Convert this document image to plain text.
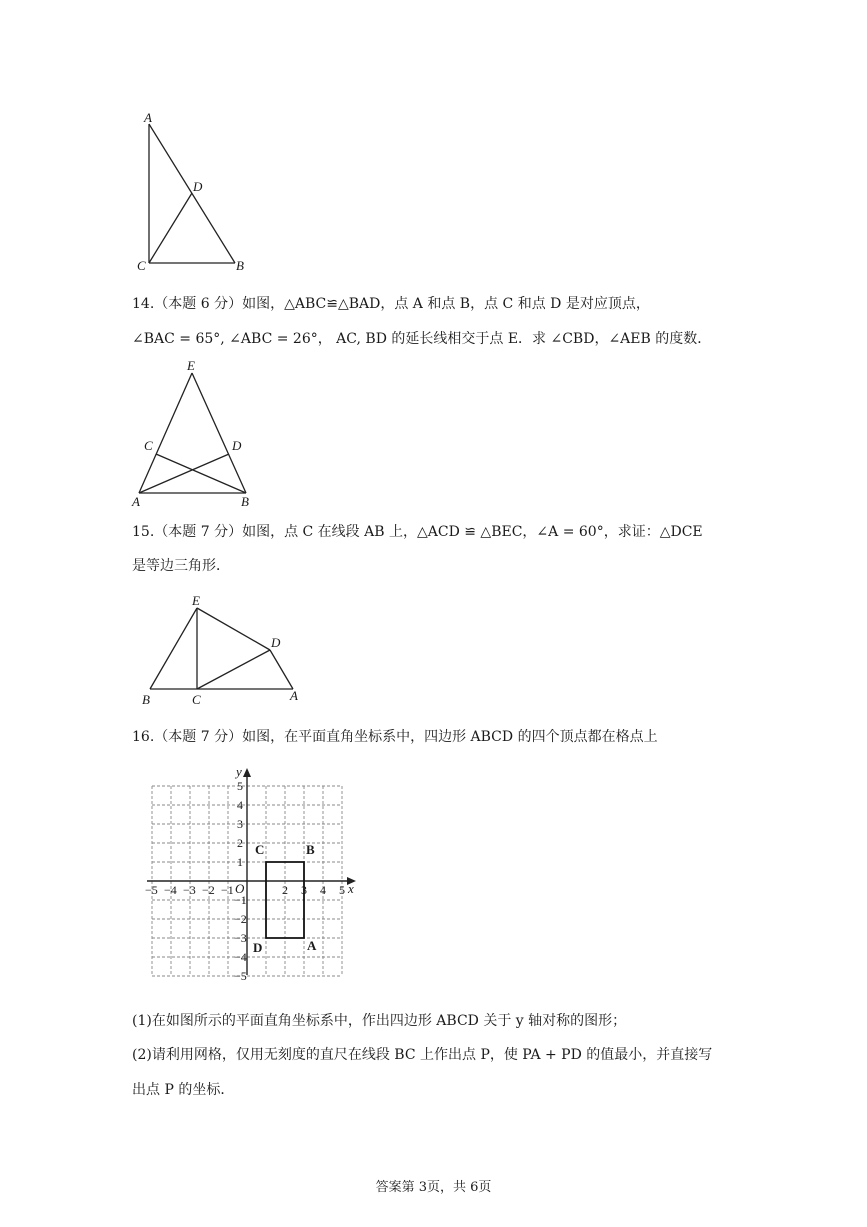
A
D
C	B
14.（本题 6 分）如图，△ABC≌△BAD，点 A 和点 B，点 C 和点 D 是对应顶点，
∠BAC = 65°, ∠ABC = 26°， AC, BD 的延长线相交于点 E．求 ∠CBD，∠AEB 的度数．
E
C	D
A	B
15.（本题 7 分）如图，点 C 在线段 AB 上，△ACD ≌ △BEC，∠A = 60°，求证：△DCE
是等边三角形．
E
D
B	C	A
16.（本题 7 分）如图，在平面直角坐标系中，四边形 ABCD 的四个顶点都在格点上
x
y
O
−5 −4 −3 −2 −1	2 3 4 5
5
4
3
2
1
−1
−2
−3
−4
−5
C	B
D	A
(1)在如图所示的平面直角坐标系中，作出四边形 ABCD 关于 y 轴对称的图形；
(2)请利用网格，仅用无刻度的直尺在线段 BC 上作出点 P，使 PA + PD 的值最小，并直接写
出点 P 的坐标．
答案第 3页，共 6页
